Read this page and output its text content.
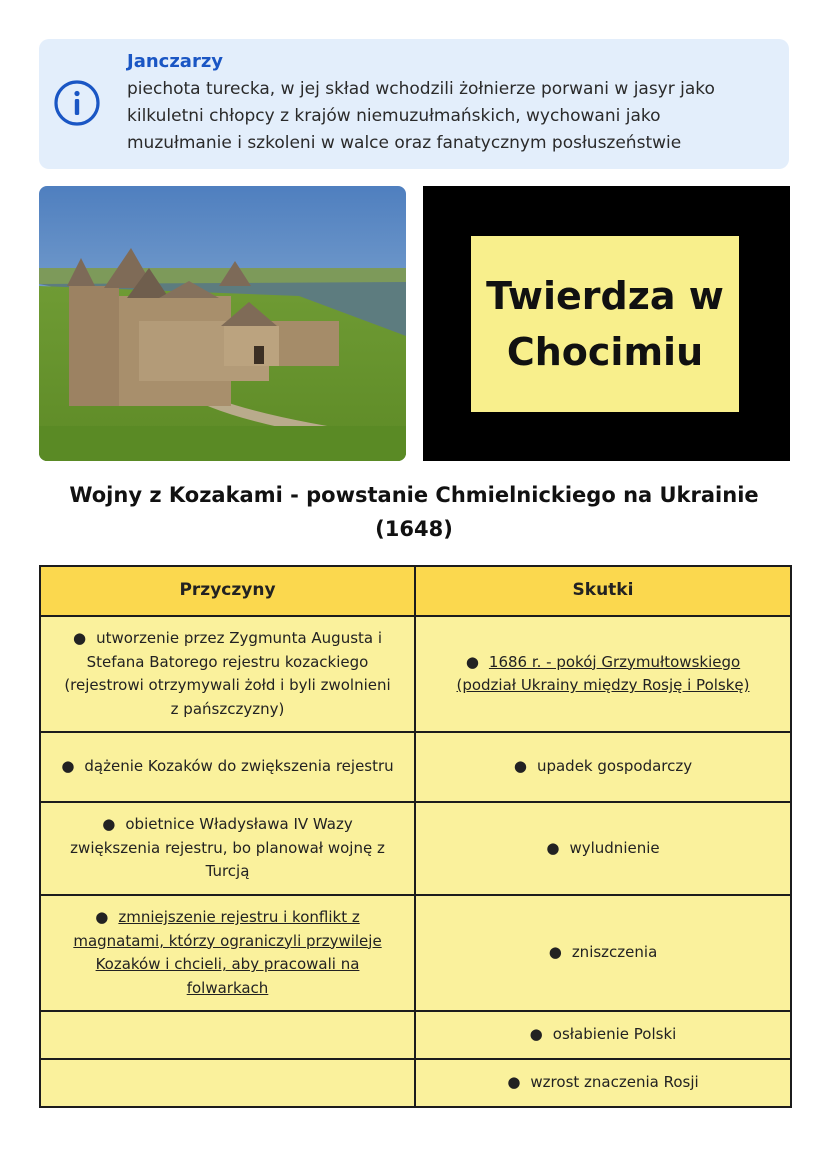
Janczarzy
piechota turecka, w jej skład wchodzili żołnierze porwani w jasyr jako kilkuletni chłopcy z krajów niemuzułmańskich, wychowani jako muzułmanie i szkoleni w walce oraz fanatycznym posłuszeństwie
Twierdza w Chocimiu
Wojny z Kozakami - powstanie Chmielnickiego na Ukrainie (1648)
Przyczyny	Skutki
● utworzenie przez Zygmunta Augusta i Stefana Batorego rejestru kozackiego (rejestrowi otrzymywali żołd i byli zwolnieni z pańszczyzny)	● 1686 r. - pokój Grzymułtowskiego (podział Ukrainy między Rosję i Polskę)
● dążenie Kozaków do zwiększenia rejestru	● upadek gospodarczy
● obietnice Władysława IV Wazy zwiększenia rejestru, bo planował wojnę z Turcją	● wyludnienie
● zmniejszenie rejestru i konflikt z magnatami, którzy ograniczyli przywileje Kozaków i chcieli, aby pracowali na folwarkach	● zniszczenia
	● osłabienie Polski
	● wzrost znaczenia Rosji
